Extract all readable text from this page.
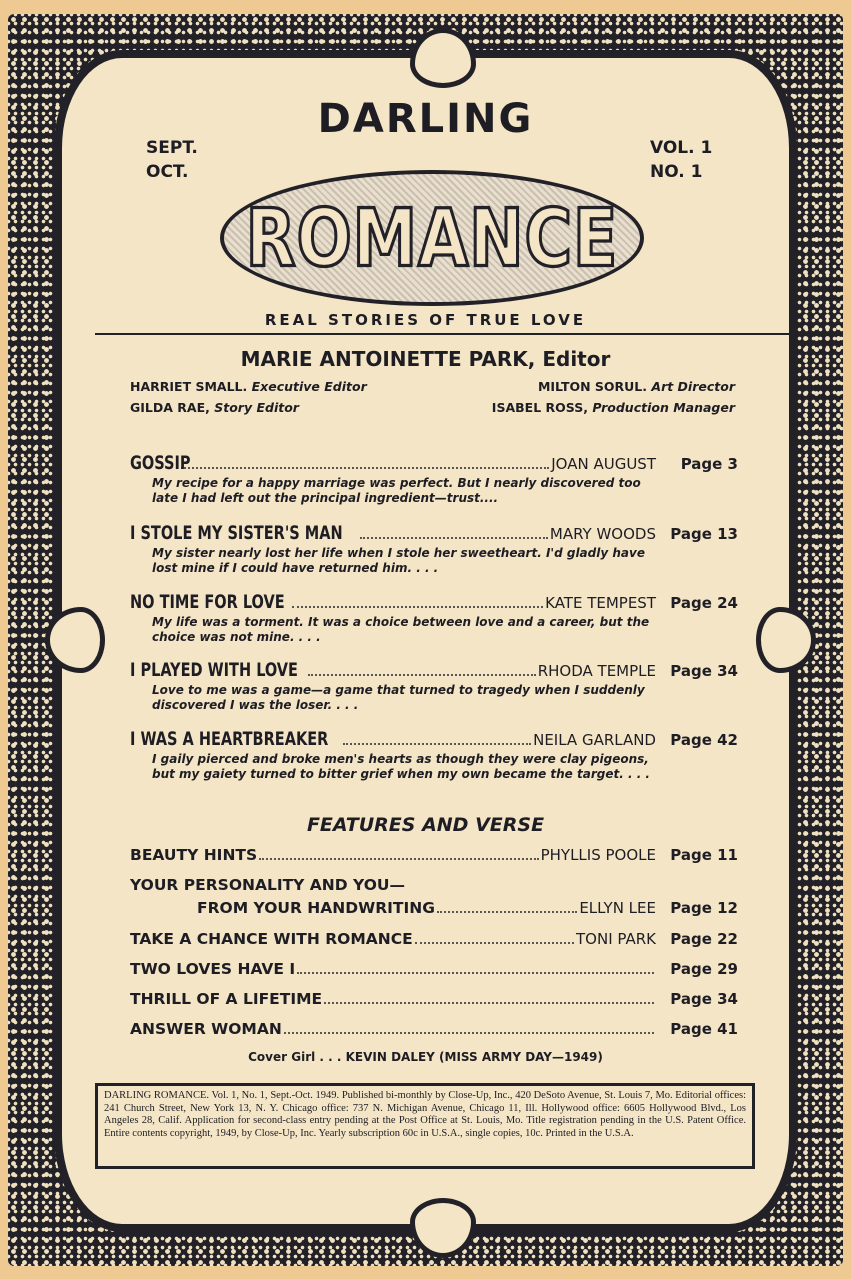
DARLING
SEPT.
OCT.
VOL. 1
NO. 1
ROMANCE
REAL STORIES OF TRUE LOVE
MARIE ANTOINETTE PARK, Editor
HARRIET SMALL. Executive Editor
GILDA RAE, Story Editor
MILTON SORUL. Art Director
ISABEL ROSS, Production Manager
GOSSIP	JOAN AUGUST	Page 3
My recipe for a happy marriage was perfect. But I nearly discovered too late I had left out the principal ingredient—trust....
I STOLE MY SISTER'S MAN	MARY WOODS Page 13
My sister nearly lost her life when I stole her sweetheart. I'd gladly have lost mine if I could have returned him. . . .
NO TIME FOR LOVE	KATE TEMPEST Page 24
My life was a torment. It was a choice between love and a career, but the choice was not mine. . . .
I PLAYED WITH LOVE	RHODA TEMPLE Page 34
Love to me was a game—a game that turned to tragedy when I suddenly discovered I was the loser. . . .
I WAS A HEARTBREAKER	NEILA GARLAND Page 42
I gaily pierced and broke men's hearts as though they were clay pigeons, but my gaiety turned to bitter grief when my own became the target. . . .
FEATURES AND VERSE
BEAUTY HINTS	PHYLLIS POOLE Page 11
YOUR PERSONALITY AND YOU—
FROM YOUR HANDWRITING	ELLYN LEE Page 12
TAKE A CHANCE WITH ROMANCE	TONI PARK Page 22
TWO LOVES HAVE I	Page 29
THRILL OF A LIFETIME	Page 34
ANSWER WOMAN	Page 41
Cover Girl . . . KEVIN DALEY (MISS ARMY DAY—1949)
DARLING ROMANCE. Vol. 1, No. 1, Sept.-Oct. 1949. Published bi-monthly by Close-Up, Inc., 420 DeSoto Avenue, St. Louis 7, Mo. Editorial offices: 241 Church Street, New York 13, N. Y. Chicago office: 737 N. Michigan Avenue, Chicago 11, Ill. Hollywood office: 6605 Hollywood Blvd., Los Angeles 28, Calif. Application for second-class entry pending at the Post Office at St. Louis, Mo. Title registration pending in the U.S. Patent Office. Entire contents copyright, 1949, by Close-Up, Inc. Yearly subscription 60c in U.S.A., single copies, 10c. Printed in the U.S.A.
